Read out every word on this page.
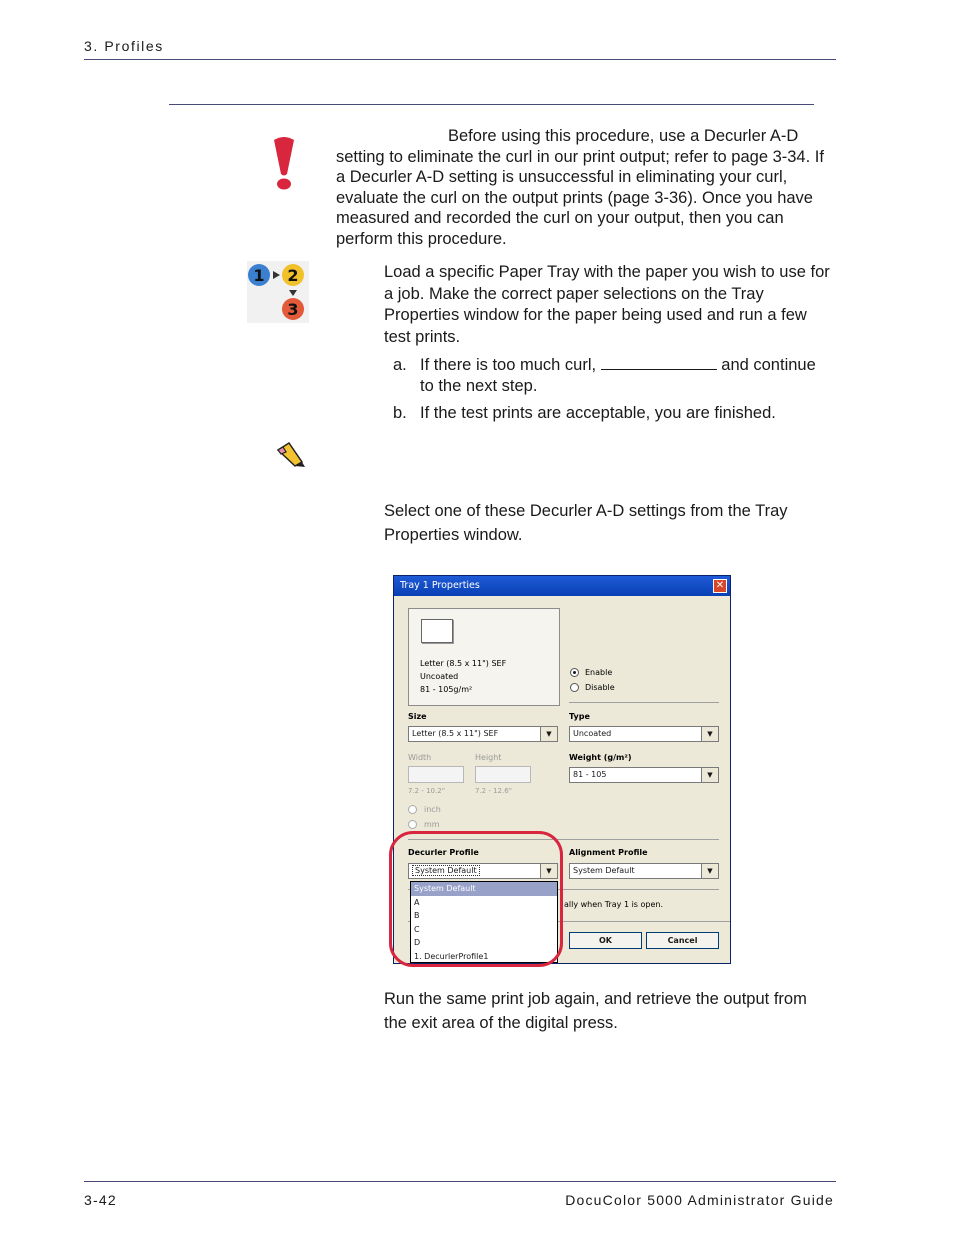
3. Profiles
Before using this procedure, use a Decurler A-D setting to eliminate the curl in our print output; refer to page 3-34. If a Decurler A-D setting is unsuccessful in eliminating your curl, evaluate the curl on the output prints (page 3-36). Once you have measured and recorded the curl on your output, then you can perform this procedure.
1 2
3
Load a specific Paper Tray with the paper you wish to use for a job. Make the correct paper selections on the Tray Properties window for the paper being used and run a few test prints.
a. If there is too much curl,	and continue to the next step.
b. If the test prints are acceptable, you are finished.
Select one of these Decurler A-D settings from the Tray Properties window.
Tray 1 Properties	✕
Letter (8.5 x 11") SEF
Uncoated
81 - 105g/m²
Enable
Disable
Size
Letter (8.5 x 11") SEF	▼
Type
Uncoated	▼
Width
7.2 - 10.2"
Height
7.2 - 12.6"
Weight (g/m²)
81 - 105	▼
inch
mm
Decurler Profile
System Default	▼
Alignment Profile
System Default	▼
ally when Tray 1 is open.
OK	Cancel
System Default
A
B
C
D
1. DecurlerProfile1
Run the same print job again, and retrieve the output from the exit area of the digital press.
3-42	DocuColor 5000 Administrator Guide
